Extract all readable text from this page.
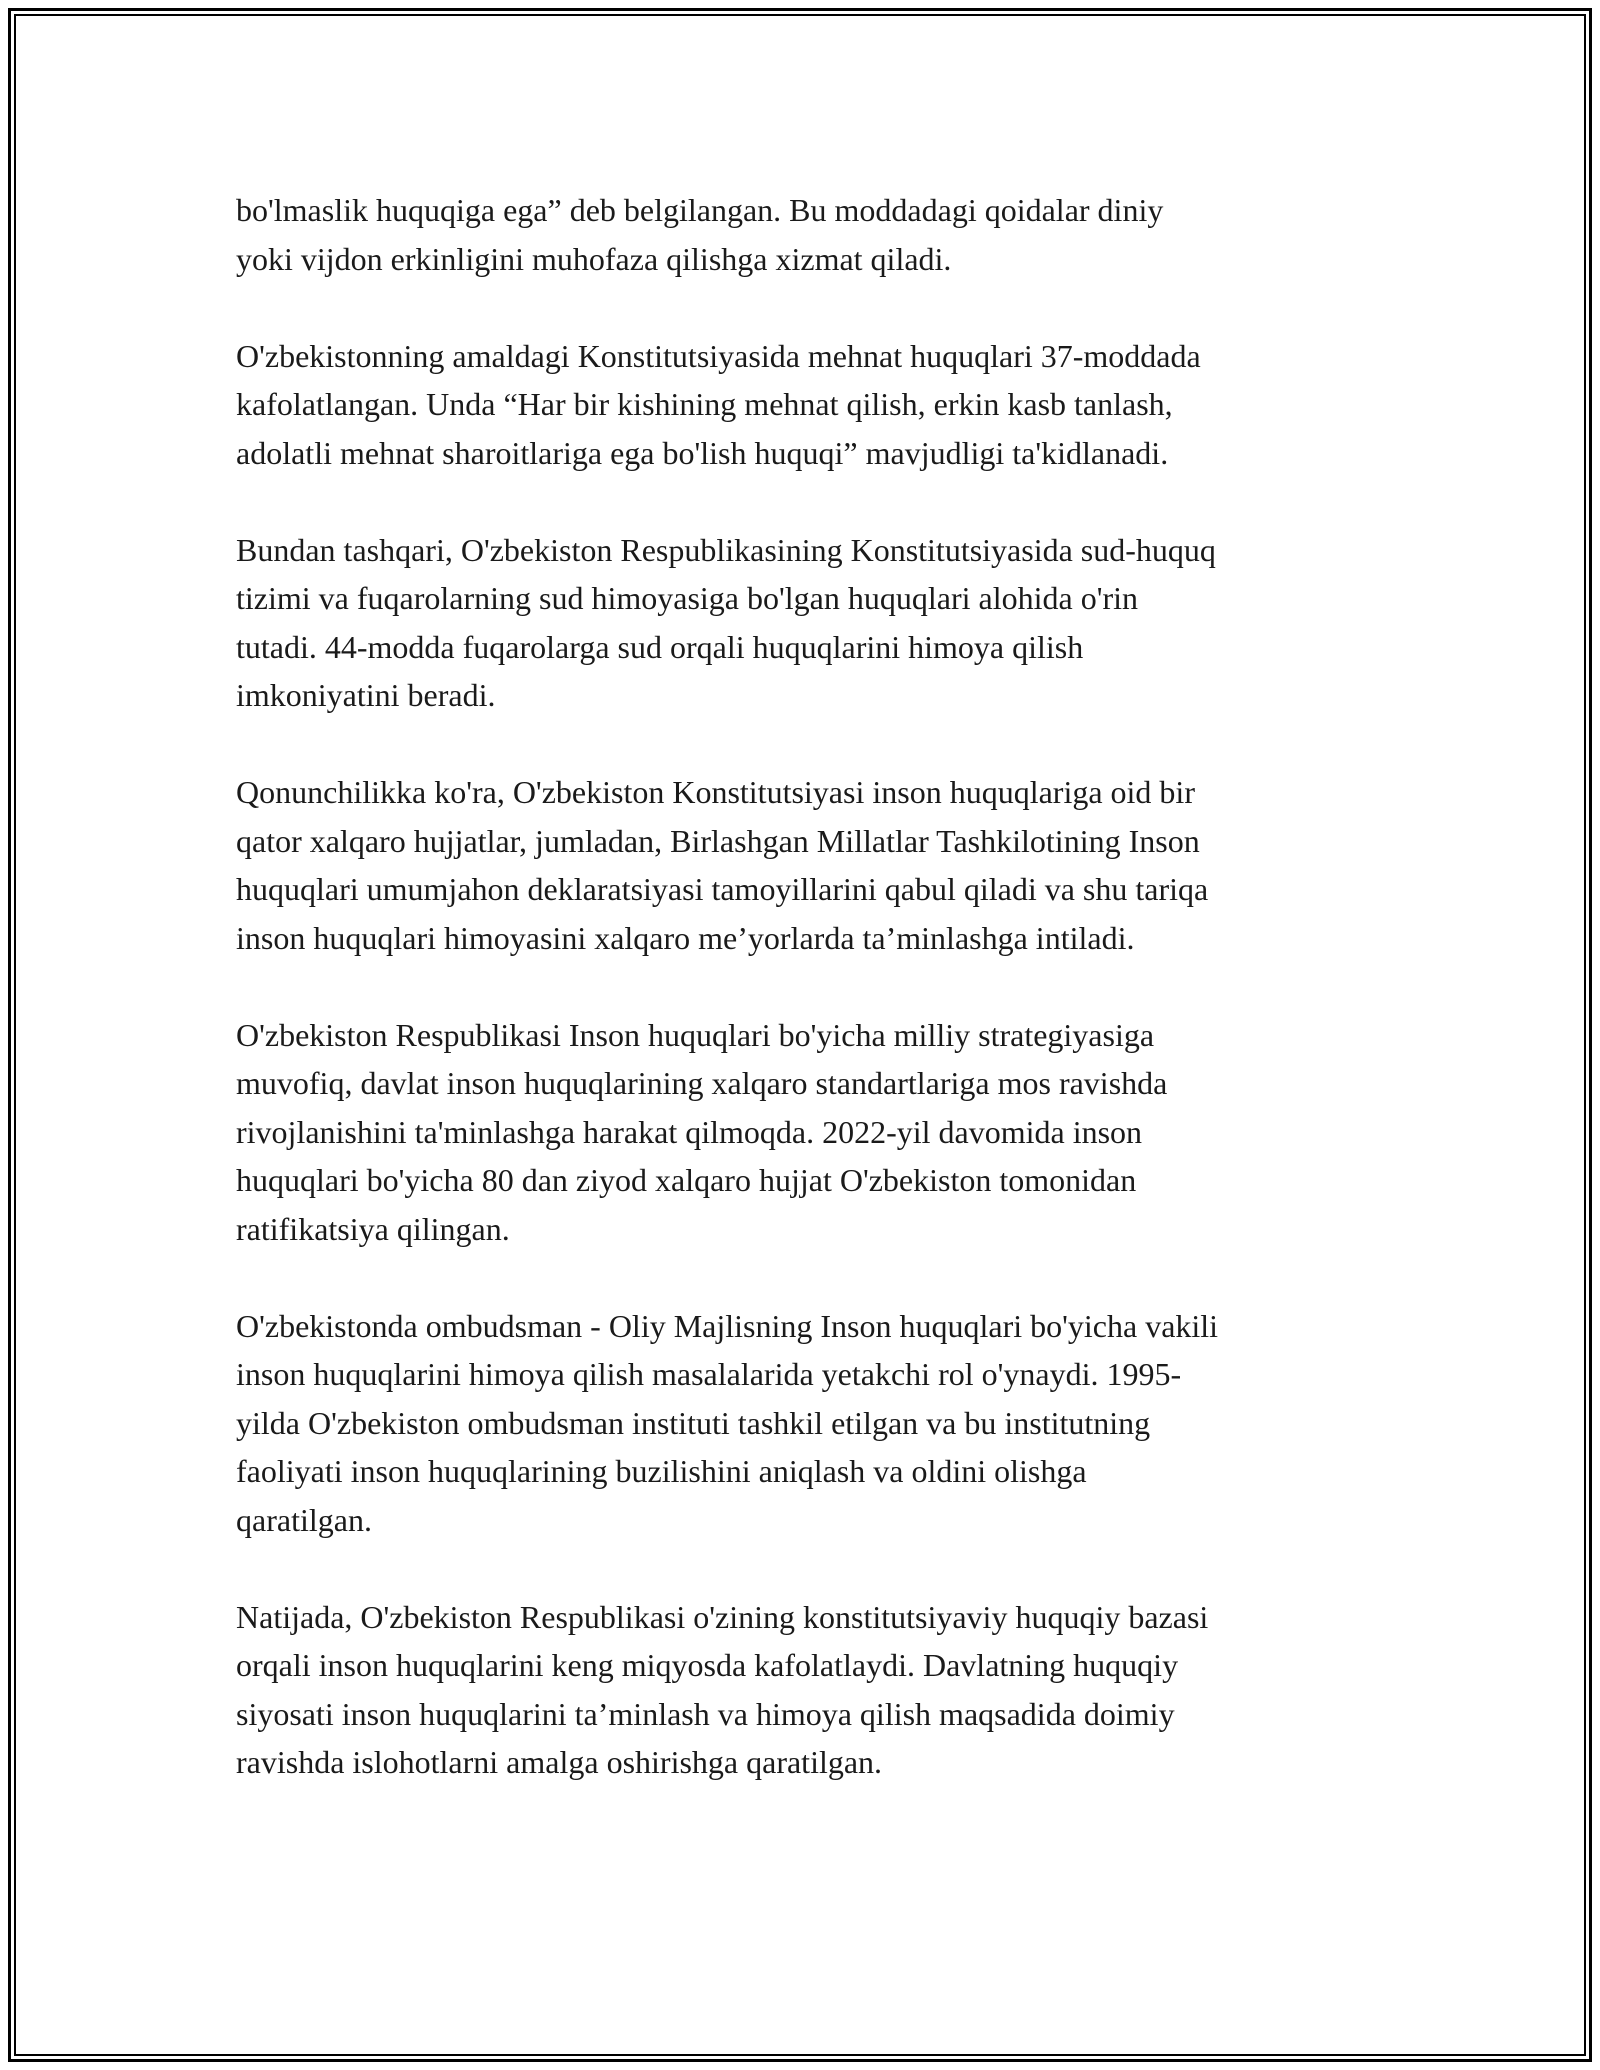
bo'lmaslik huquqiga ega” deb belgilangan. Bu moddadagi qoidalar diniy
yoki vijdon erkinligini muhofaza qilishga xizmat qiladi.

O'zbekistonning amaldagi Konstitutsiyasida mehnat huquqlari 37-moddada
kafolatlangan. Unda “Har bir kishining mehnat qilish, erkin kasb tanlash,
adolatli mehnat sharoitlariga ega bo'lish huquqi” mavjudligi ta'kidlanadi.

Bundan tashqari, O'zbekiston Respublikasining Konstitutsiyasida sud-huquq
tizimi va fuqarolarning sud himoyasiga bo'lgan huquqlari alohida o'rin
tutadi. 44-modda fuqarolarga sud orqali huquqlarini himoya qilish
imkoniyatini beradi.

Qonunchilikka ko'ra, O'zbekiston Konstitutsiyasi inson huquqlariga oid bir
qator xalqaro hujjatlar, jumladan, Birlashgan Millatlar Tashkilotining Inson
huquqlari umumjahon deklaratsiyasi tamoyillarini qabul qiladi va shu tariqa
inson huquqlari himoyasini xalqaro me’yorlarda ta’minlashga intiladi.

O'zbekiston Respublikasi Inson huquqlari bo'yicha milliy strategiyasiga
muvofiq, davlat inson huquqlarining xalqaro standartlariga mos ravishda
rivojlanishini ta'minlashga harakat qilmoqda. 2022-yil davomida inson
huquqlari bo'yicha 80 dan ziyod xalqaro hujjat O'zbekiston tomonidan
ratifikatsiya qilingan.

O'zbekistonda ombudsman - Oliy Majlisning Inson huquqlari bo'yicha vakili
inson huquqlarini himoya qilish masalalarida yetakchi rol o'ynaydi. 1995-
yilda O'zbekiston ombudsman instituti tashkil etilgan va bu institutning
faoliyati inson huquqlarining buzilishini aniqlash va oldini olishga
qaratilgan.

Natijada, O'zbekiston Respublikasi o'zining konstitutsiyaviy huquqiy bazasi
orqali inson huquqlarini keng miqyosda kafolatlaydi. Davlatning huquqiy
siyosati inson huquqlarini ta’minlash va himoya qilish maqsadida doimiy
ravishda islohotlarni amalga oshirishga qaratilgan.
